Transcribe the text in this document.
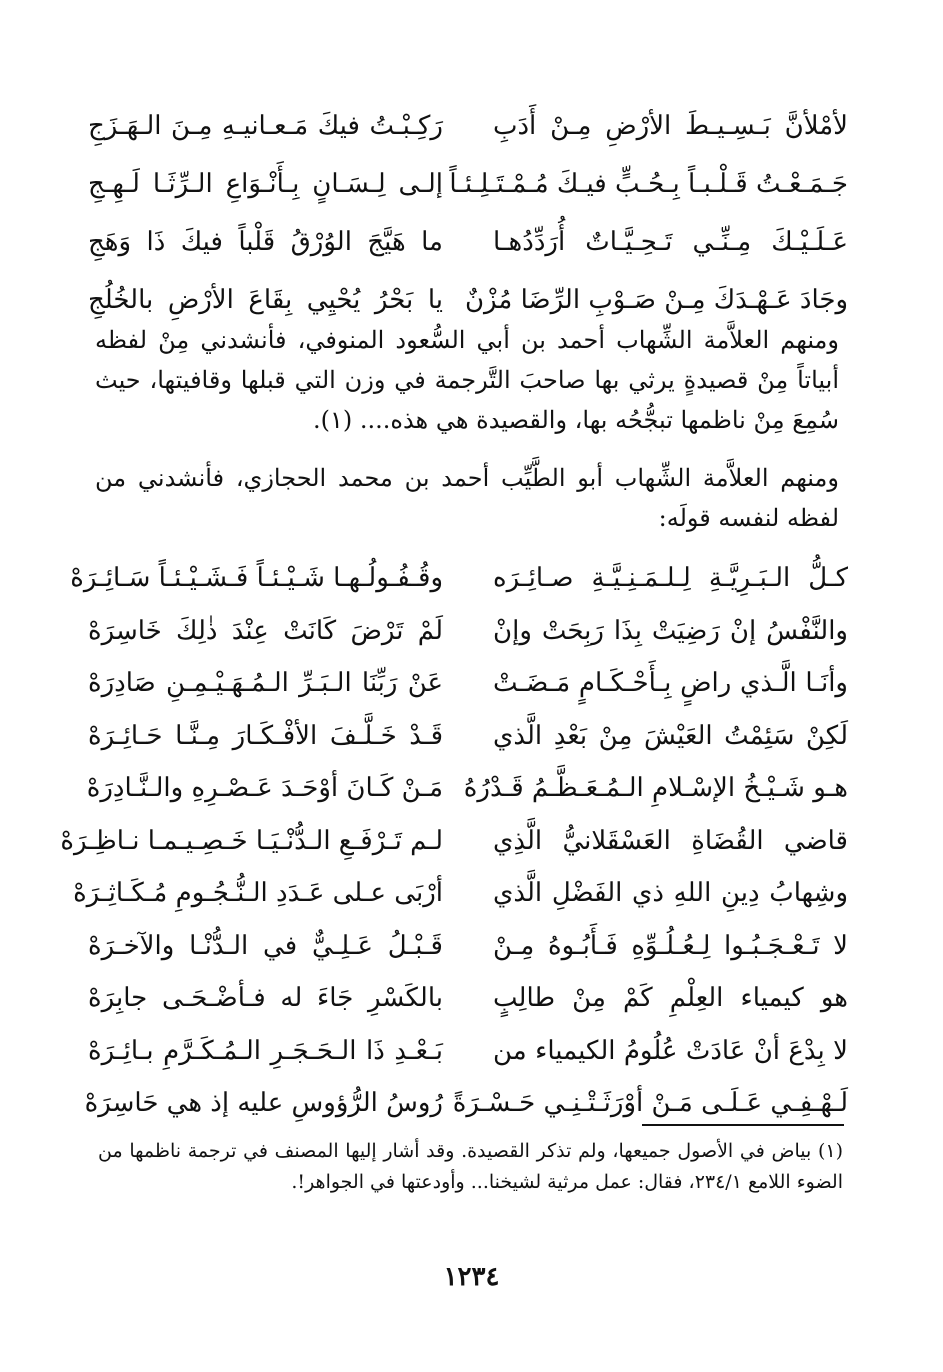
لأمْلأنَّ بَـسِـيـطَ الأرْضِ مِـنْ أَدَبِ
رَكِـبْـتُ فيكَ مَـعـانيـهِ مِـنَ الـهَـزَجِ
جَـمَـعْـتُ قَـلْـبـاً بِـحُـبٍّ فيـكَ مُـمْـتَـلِـئـاً
إلـى لِـسَـانٍ بِـأَنْـوَاعِ الـرِّثَـا لَـهِـجِ
عَـلَـيْـكَ مِـنِّـي تَـحِـيَّـاتٌ أُرَدِّدُهـا
ما هَيَّجَ الوُرْقُ قَلْباً فيكَ ذَا وَهَجِ
وجَادَ عَـهْـدَكَ مِـنْ صَـوْبِ الرِّضَا مُزْنٌ
يا بَحْرُ يُحْيِي بِقَاعَ الأرْضِ بالخُلُجِ

ومنهم العلاَّمة الشِّهاب أحمد بن أبي السُّعود المنوفي، فأنشدني مِنْ لفظه أبياتاً مِنْ قصيدةٍ يرثي بها صاحبَ التَّرجمة في وزن التي قبلها وقافيتها، حيث سُمِعَ مِنْ ناظمها تبجُّحُه بها، والقصيدة هي هذه.... (١).

ومنهم العلاَّمة الشِّهاب أبو الطَّيِّب أحمد بن محمد الحجازي، فأنشدني من لفظه لنفسه قولَه:

كـلُّ الـبَـرِيَّـةِ لِـلـمَـنِـيَّـةِ صـائِـرَه
وقُـفُـولُـهـا شَـيْـئـاً فَـشَـيْـئـاً سَـائِـرَهْ
والنَّفْسُ إنْ رَضِيَتْ بِذَا رَبِحَتْ وإنْ
لَمْ تَرْضَ كَانَتْ عِنْدَ ذٰلِكَ خَاسِرَهْ
وأنَـا الَّـذي راضٍ بِـأَحْـكَـامٍ مَـضَـتْ
عَنْ رَبِّنَا الـبَـرِّ الـمُـهَـيْـمِـنِ صَادِرَهْ
لَكِنْ سَئِمْتُ العَيْشَ مِنْ بَعْدِ الَّذي
قَـدْ خَـلَّـفَ الأفْـكَـارَ مِـنَّـا حَـائِـرَهْ
هـو شَـيْـخُ الإسْـلامِ الـمُـعَـظَّـمُ قَـدْرُهُ
مَـنْ كَـانَ أوْحَـدَ عَـصْـرِهِ والـنَّـادِرَهْ
قاضي القُضَاةِ العَسْقَلانيُّ الَّذِي
لـم تَـرْفَـعِ الـدُّنْـيَـا خَـصِـيـمـا نـاظِـرَهْ
وشِهابُ دِينِ اللهِ ذي الفَضْلِ الَّذي
أرْبَى عـلى عَـدَدِ الـنُّـجُـومِ مُـكَـاثِـرَهْ
لا تَـعْـجَـبُـوا لِـعُـلُـوِّهِ فَـأَبُـوهُ مِـنْ
قَـبْـلُ عَـلِـيٌّ في الـدُّنْـا والآخـرَهْ
هو كيمياء العِلْمِ كَمْ مِنْ طالِبٍ
بالكَسْرِ جَاءَ له فـأضْـحَـى جابِرَهْ
لا بِدْعَ أنْ عَادَتْ عُلُومُ الكيمياء من
بَـعْـدِ ذَا الـحَـجَـرِ الـمُـكَـرَّمِ بـائِـرَهْ
لَـهْـفِـي عَـلَـى مَـنْ أوْرَثَـتْـنِـي حَـسْـرَةً
رُوسُ الرُّؤوسِ عليه إذ هي حَاسِرَهْ
(١) بياض في الأصول جميعها، ولم تذكر القصيدة. وقد أشار إليها المصنف في ترجمة ناظمها من الضوء اللامع ٢٣٤/١، فقال: عمل مرثية لشيخنا... وأودعتها في الجواهر!.
١٢٣٤
